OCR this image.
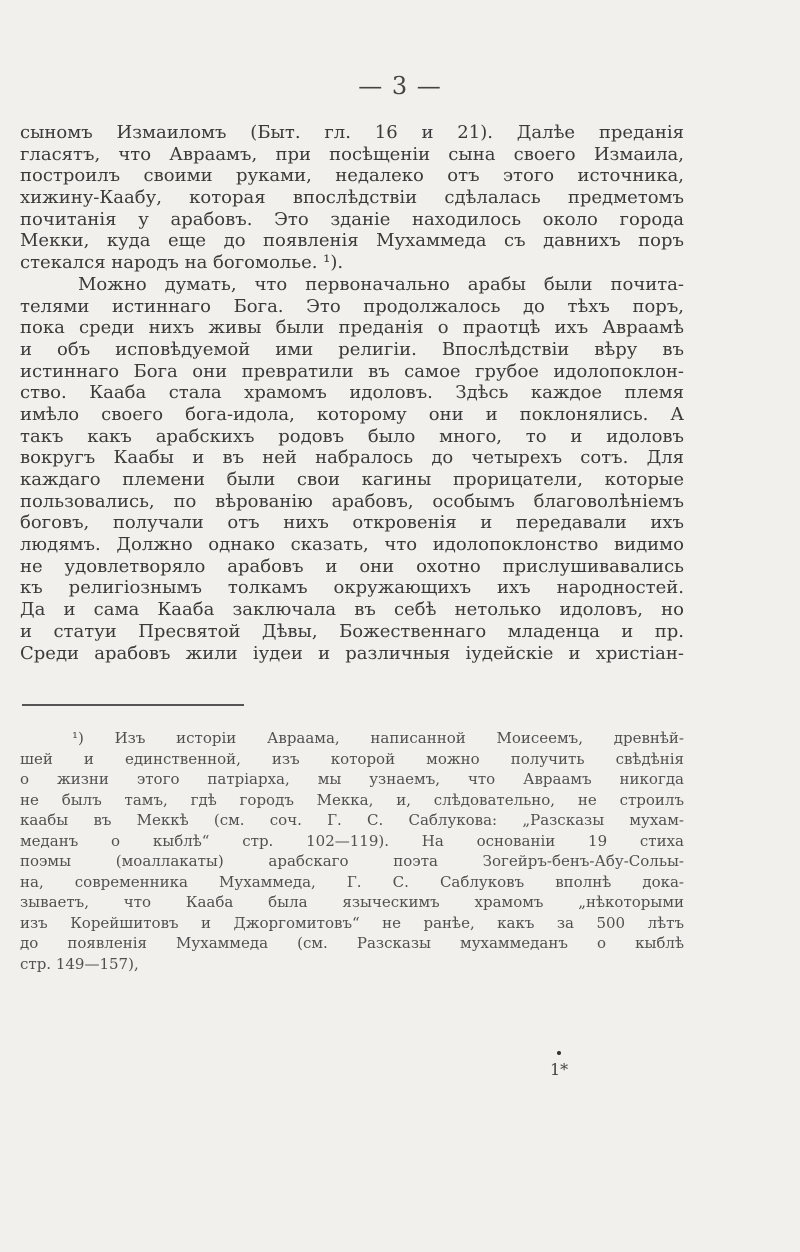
— 3 —
сыномъ Измаиломъ (Быт. гл. 16 и 21). Далѣе преданія
гласятъ, что Авраамъ, при посѣщеніи сына своего Измаила,
построилъ своими руками, недалеко отъ этого источника,
хижину-Каабу, которая впослѣдствіи сдѣлалась предметомъ
почитанія у арабовъ. Это зданіе находилось около города
Мекки, куда еще до появленія Мухаммеда съ давнихъ поръ
стекался народъ на богомолье. ¹).
Можно думать, что первоначально арабы были почита-
телями истиннаго Бога. Это продолжалось до тѣхъ поръ,
пока среди нихъ живы были преданія о праотцѣ ихъ Авраамѣ
и объ исповѣдуемой ими религіи. Впослѣдствіи вѣру въ
истиннаго Бога они превратили въ самое грубое идолопоклон-
ство. Кааба стала храмомъ идоловъ. Здѣсь каждое племя
имѣло своего бога-идола, которому они и поклонялись. А
такъ какъ арабскихъ родовъ было много, то и идоловъ
вокругъ Каабы и въ ней набралось до четырехъ сотъ. Для
каждаго племени были свои кагины прорицатели, которые
пользовались, по вѣрованію арабовъ, особымъ благоволѣніемъ
боговъ, получали отъ нихъ откровенія и передавали ихъ
людямъ. Должно однако сказать, что идолопоклонство видимо
не удовлетворяло арабовъ и они охотно прислушивавались
къ религіознымъ толкамъ окружающихъ ихъ народностей.
Да и сама Кааба заключала въ себѣ нетолько идоловъ, но
и статуи Пресвятой Дѣвы, Божественнаго младенца и пр.
Среди арабовъ жили іудеи и различныя іудейскіе и христіан-
¹) Изъ исторіи Авраама, написанной Моисеемъ, древнѣй-
шей и единственной, изъ которой можно получить свѣдѣнія
о жизни этого патріарха, мы узнаемъ, что Авраамъ никогда
не былъ тамъ, гдѣ городъ Мекка, и, слѣдовательно, не строилъ
каабы въ Меккѣ (см. соч. Г. С. Саблукова: „Разсказы мухам-
меданъ о кыблѣ“ стр. 102—119). На основаніи 19 стиха
поэмы (моаллакаты) арабскаго поэта Зогейръ-бенъ-Абу-Сольы-
на, современника Мухаммеда, Г. С. Саблуковъ вполнѣ дока-
зываетъ, что Кааба была языческимъ храмомъ „нѣкоторыми
изъ Корейшитовъ и Джоргомитовъ“ не ранѣе, какъ за 500 лѣтъ
до появленія Мухаммеда (см. Разсказы мухаммеданъ о кыблѣ
стр. 149—157),
1*
